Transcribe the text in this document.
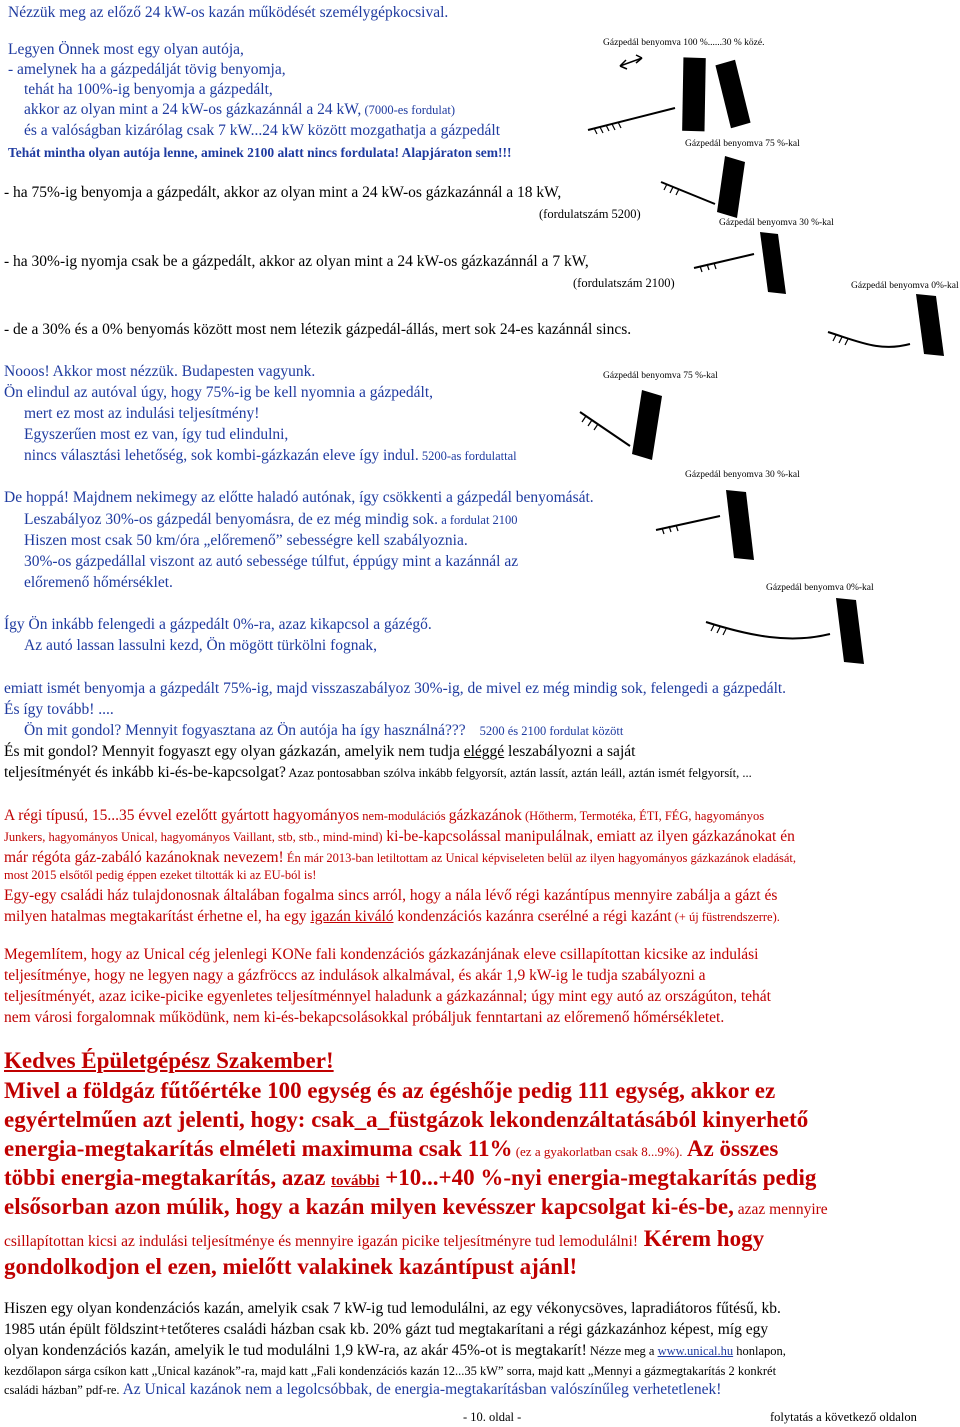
Nézzük meg az előző 24 kW-os kazán működését személygépkocsival.
Legyen Önnek most egy olyan autója,
- amelynek ha a gázpedálját tövig benyomja,
tehát ha 100%-ig benyomja a gázpedált,
akkor az olyan mint a 24 kW-os gázkazánnál a 24 kW, (7000-es fordulat)
és a valóságban kizárólag csak 7 kW...24 kW között mozgathatja a gázpedált
Tehát mintha olyan autója lenne, aminek 2100 alatt nincs fordulata! Alapjáraton sem!!!
- ha 75%-ig benyomja a gázpedált, akkor az olyan mint a 24 kW-os gázkazánnál a 18 kW,
(fordulatszám 5200)
- ha 30%-ig nyomja csak be a gázpedált, akkor az olyan mint a 24 kW-os gázkazánnál a 7 kW,
(fordulatszám 2100)
- de a 30% és a 0% benyomás között most nem létezik gázpedál-állás, mert sok 24-es kazánnál sincs.
Nooos! Akkor most nézzük. Budapesten vagyunk.
Ön elindul az autóval úgy, hogy 75%-ig be kell nyomnia a gázpedált,
mert ez most az indulási teljesítmény!
Egyszerűen most ez van, így tud elindulni,
nincs választási lehetőség, sok kombi-gázkazán eleve így indul. 5200-as fordulattal
De hoppá! Majdnem nekimegy az előtte haladó autónak, így csökkenti a gázpedál benyomását.
Leszabályoz 30%-os gázpedál benyomásra, de ez még mindig sok. a fordulat 2100
Hiszen most csak 50 km/óra „előremenő” sebességre kell szabályoznia.
30%-os gázpedállal viszont az autó sebessége túlfut, éppúgy mint a kazánnál az
előremenő hőmérséklet.
Így Ön inkább felengedi a gázpedált 0%-ra, azaz kikapcsol a gázégő.
Az autó lassan lassulni kezd, Ön mögött türkölni fognak,
emiatt ismét benyomja a gázpedált 75%-ig, majd visszaszabályoz 30%-ig, de mivel ez még mindig sok, felengedi a gázpedált.
És így tovább! ....
Ön mit gondol? Mennyit fogyasztana az Ön autója ha így használná??? 5200 és 2100 fordulat között
És mit gondol? Mennyit fogyaszt egy olyan gázkazán, amelyik nem tudja eléggé leszabályozni a saját
teljesítményét és inkább ki-és-be-kapcsolgat? Azaz pontosabban szólva inkább felgyorsít, aztán lassít, aztán leáll, aztán ismét felgyorsít, ...
A régi típusú, 15...35 évvel ezelőtt gyártott hagyományos nem-modulációs gázkazánok (Hőtherm, Termotéka, ÉTI, FÉG, hagyományos
Junkers, hagyományos Unical, hagyományos Vaillant, stb, stb., mind-mind) ki-be-kapcsolással manipulálnak, emiatt az ilyen gázkazánokat én
már régóta gáz-zabáló kazánoknak nevezem! Én már 2013-ban letiltottam az Unical képviseleten belül az ilyen hagyományos gázkazánok eladását,
most 2015 elsőtől pedig éppen ezeket tiltották ki az EU-ból is!
Egy-egy családi ház tulajdonosnak általában fogalma sincs arról, hogy a nála lévő régi kazántípus mennyire zabálja a gázt és
milyen hatalmas megtakarítást érhetne el, ha egy igazán kiváló kondenzációs kazánra cserélné a régi kazánt (+ új füstrendszerre).
Megemlítem, hogy az Unical cég jelenlegi KONe fali kondenzációs gázkazánjának eleve csillapítottan kicsike az indulási
teljesítménye, hogy ne legyen nagy a gázfröccs az indulások alkalmával, és akár 1,9 kW-ig le tudja szabályozni a
teljesítményét, azaz icike-picike egyenletes teljesítménnyel haladunk a gázkazánnal; úgy mint egy autó az országúton, tehát
nem városi forgalomnak működünk, nem ki-és-bekapcsolásokkal próbáljuk fenntartani az előremenő hőmérsékletet.
Kedves Épületgépész Szakember!
Mivel a földgáz fűtőértéke 100 egység és az égéshője pedig 111 egység, akkor ez
egyértelműen azt jelenti, hogy: csak_a_füstgázok lekondenzáltatásából kinyerhető
energia-megtakarítás elméleti maximuma csak 11% (ez a gyakorlatban csak 8...9%). Az összes
többi energia-megtakarítás, azaz további +10...+40 %-nyi energia-megtakarítás pedig
elsősorban azon múlik, hogy a kazán milyen kevésszer kapcsolgat ki-és-be, azaz mennyire
csillapítottan kicsi az indulási teljesítménye és mennyire igazán picike teljesítményre tud lemodulálni! Kérem hogy
gondolkodjon el ezen, mielőtt valakinek kazántípust ajánl!
Hiszen egy olyan kondenzációs kazán, amelyik csak 7 kW-ig tud lemodulálni, az egy vékonycsöves, lapradiátoros fűtésű, kb.
1985 után épült földszint+tetőteres családi házban csak kb. 20% gázt tud megtakarítani a régi gázkazánhoz képest, míg egy
olyan kondenzációs kazán, amelyik le tud modulálni 1,9 kW-ra, az akár 45%-ot is megtakarít! Nézze meg a www.unical.hu honlapon,
kezdőlapon sárga csíkon katt „Unical kazánok”-ra, majd katt „Fali kondenzációs kazán 12...35 kW” sorra, majd katt „Mennyi a gázmegtakarítás 2 konkrét
családi házban” pdf-re. Az Unical kazánok nem a legolcsóbbak, de energia-megtakarításban valószínűleg verhetetlenek!
- 10. oldal -	folytatás a következő oldalon
Gázpedál benyomva 100 %......30 % közé.
Gázpedál benyomva 75 %-kal
Gázpedál benyomva 30 %-kal
Gázpedál benyomva 0%-kal
Gázpedál benyomva 75 %-kal
Gázpedál benyomva 30 %-kal
Gázpedál benyomva 0%-kal
